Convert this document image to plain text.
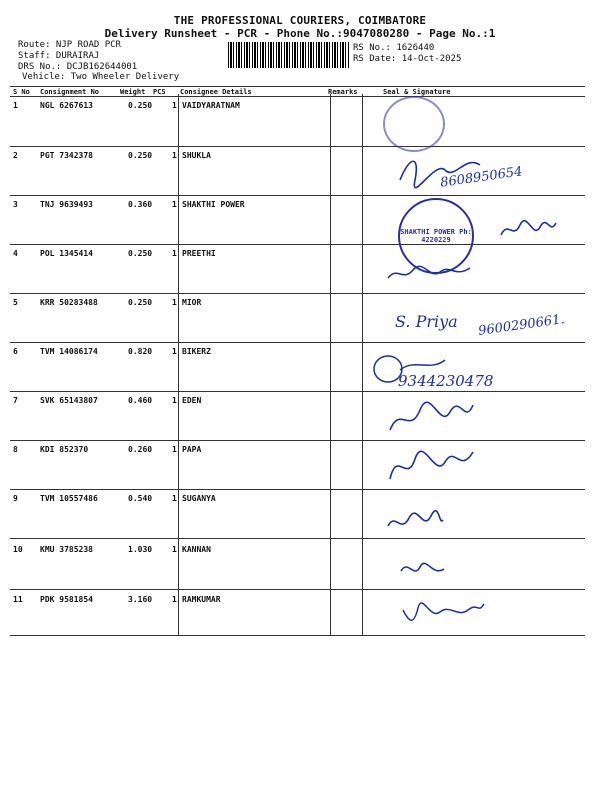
THE PROFESSIONAL COURIERS, COIMBATORE
Delivery Runsheet - PCR - Phone No.:9047080280 - Page No.:1
Route: NJP ROAD PCR
Staff: DURAIRAJ
DRS No.: DCJB162644001
Vehicle: Two Wheeler Delivery
RS No.: 1626440
RS Date: 14-Oct-2025
S No Consignment No	Weight PCS Consignee Details	Remarks	Seal & Signature
1	NGL 6267613	0.250 1 VAIDYARATNAM
2	PGT 7342378	0.250 1 SHUKLA
3	TNJ 9639493	0.360 1 SHAKTHI POWER
4	POL 1345414	0.250 1 PREETHI
5	KRR 50283488	0.250 1 MIOR
6	TVM 14086174	0.820 1 BIKERZ
7	SVK 65143807	0.460 1 EDEN
8	KDI 852370	0.260 1 PAPA
9	TVM 10557486	0.540 1 SUGANYA
10 KMU 3785238	1.030 1 KANNAN
11 PDK 9581854	3.160 1 RAMKUMAR
8608950654
SHAKTHI POWER Ph: 4220229
S. Priya 9600290661.
9344230478
